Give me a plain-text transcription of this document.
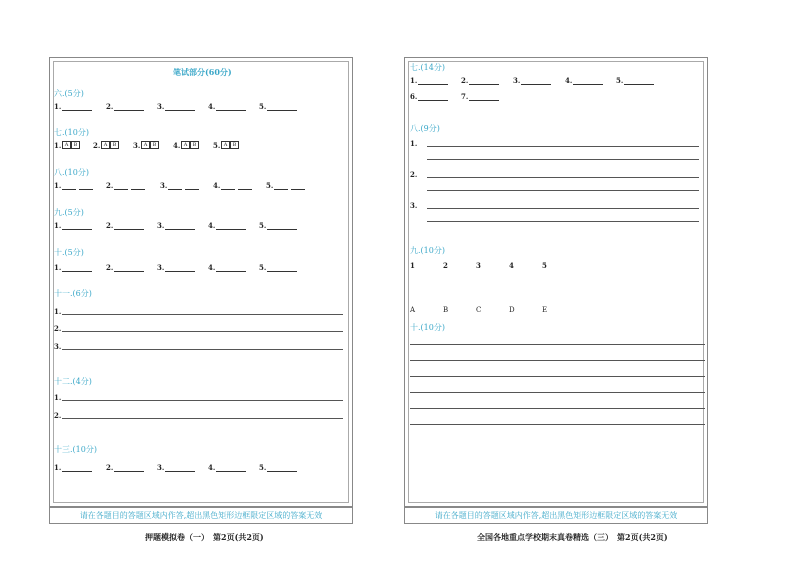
请在各题目的答题区域内作答,超出黑色矩形边框限定区域的答案无效
笔试部分(60分)
六.(5分)
1.	2.	3.	4.	5.
七.(10分)
1. A	B	2. A	B	3. A	B	4. A	B	5. A	B
八.(10分)
1.	2.	3.	4.	5.
九.(5分)
1.	2.	3.	4.	5.
十.(5分)
1.	2.	3.	4.	5.
十一.(6分)
1.
2.
3.
十二.(4分)
1.
2.
十三.(10分)
1.	2.	3.	4.	5.
押题模拟卷（一）　第2页(共2页)
请在各题目的答题区域内作答,超出黑色矩形边框限定区域的答案无效
七.(14分)
1.	2.	3.	4.	5.
6.	7.
八.(9分)
1.
2.
3.
九.(10分)
1	2	3	4	5
A	B	C	D	E
十.(10分)
全国各地重点学校期末真卷精选（三）　第2页(共2页)
